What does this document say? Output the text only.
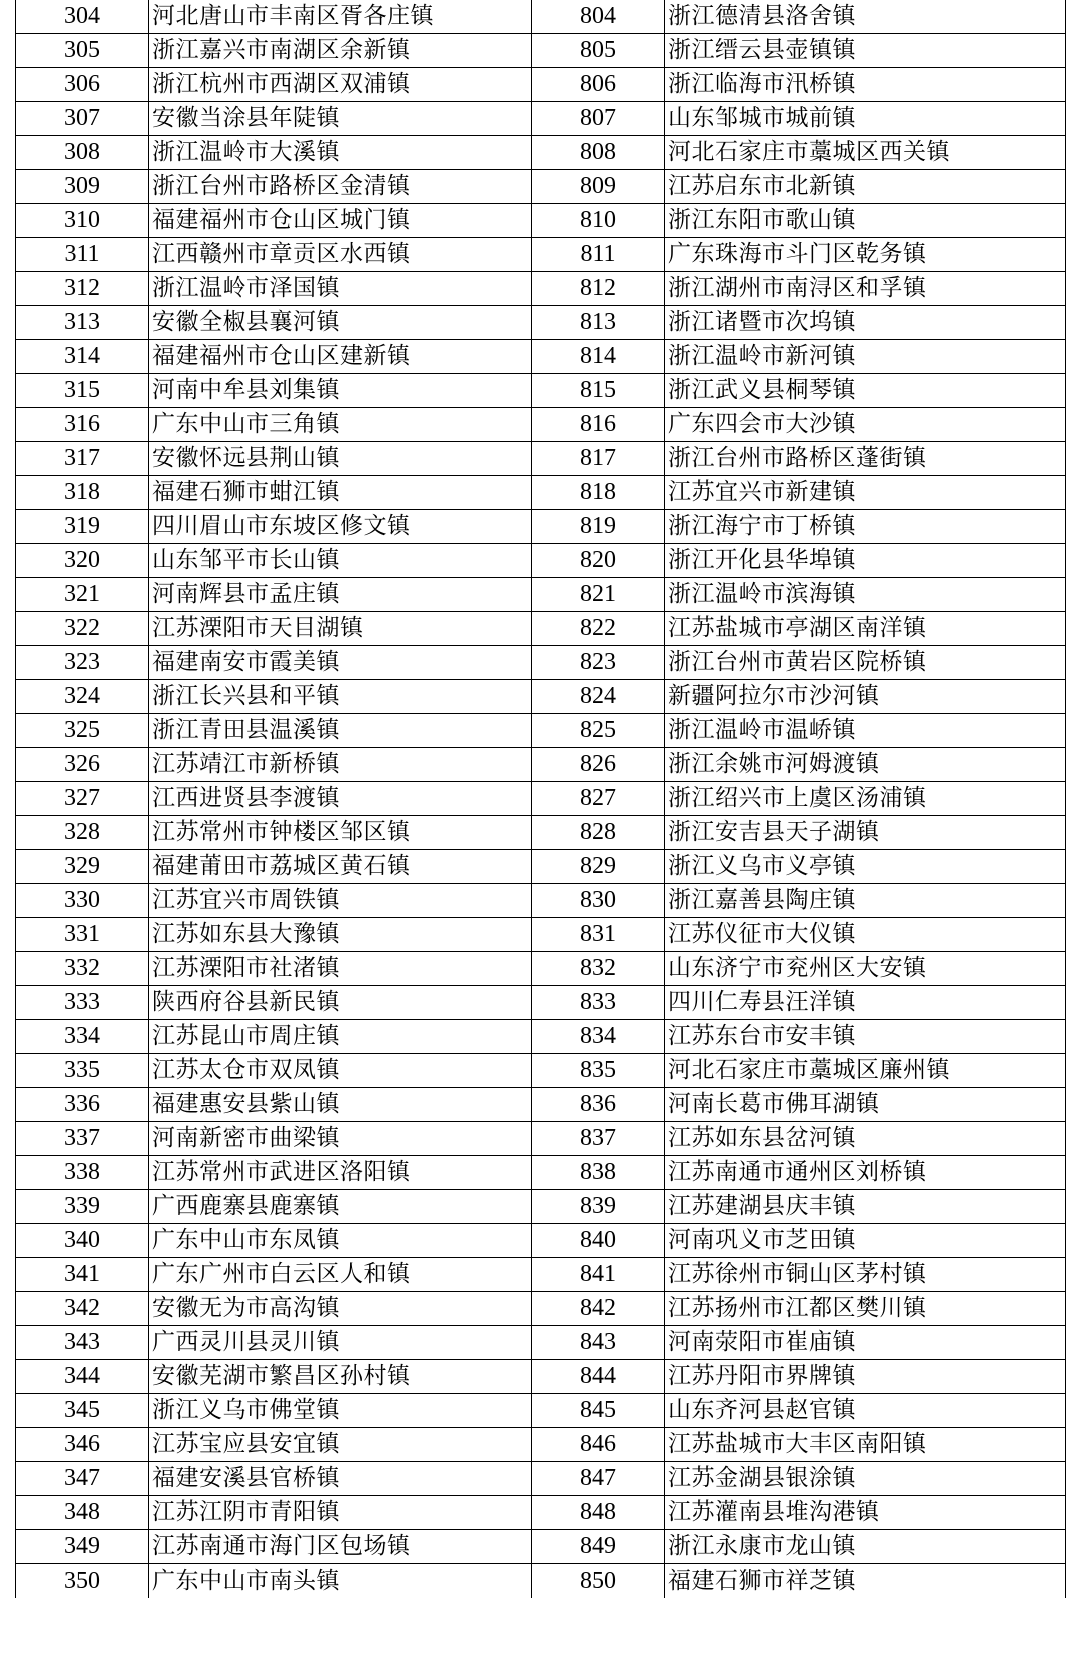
304	河北唐山市丰南区胥各庄镇	804	浙江德清县洛舍镇
305	浙江嘉兴市南湖区余新镇	805	浙江缙云县壶镇镇
306	浙江杭州市西湖区双浦镇	806	浙江临海市汛桥镇
307	安徽当涂县年陡镇	807	山东邹城市城前镇
308	浙江温岭市大溪镇	808	河北石家庄市藁城区西关镇
309	浙江台州市路桥区金清镇	809	江苏启东市北新镇
310	福建福州市仓山区城门镇	810	浙江东阳市歌山镇
311	江西赣州市章贡区水西镇	811	广东珠海市斗门区乾务镇
312	浙江温岭市泽国镇	812	浙江湖州市南浔区和孚镇
313	安徽全椒县襄河镇	813	浙江诸暨市次坞镇
314	福建福州市仓山区建新镇	814	浙江温岭市新河镇
315	河南中牟县刘集镇	815	浙江武义县桐琴镇
316	广东中山市三角镇	816	广东四会市大沙镇
317	安徽怀远县荆山镇	817	浙江台州市路桥区蓬街镇
318	福建石狮市蚶江镇	818	江苏宜兴市新建镇
319	四川眉山市东坡区修文镇	819	浙江海宁市丁桥镇
320	山东邹平市长山镇	820	浙江开化县华埠镇
321	河南辉县市孟庄镇	821	浙江温岭市滨海镇
322	江苏溧阳市天目湖镇	822	江苏盐城市亭湖区南洋镇
323	福建南安市霞美镇	823	浙江台州市黄岩区院桥镇
324	浙江长兴县和平镇	824	新疆阿拉尔市沙河镇
325	浙江青田县温溪镇	825	浙江温岭市温峤镇
326	江苏靖江市新桥镇	826	浙江余姚市河姆渡镇
327	江西进贤县李渡镇	827	浙江绍兴市上虞区汤浦镇
328	江苏常州市钟楼区邹区镇	828	浙江安吉县天子湖镇
329	福建莆田市荔城区黄石镇	829	浙江义乌市义亭镇
330	江苏宜兴市周铁镇	830	浙江嘉善县陶庄镇
331	江苏如东县大豫镇	831	江苏仪征市大仪镇
332	江苏溧阳市社渚镇	832	山东济宁市兖州区大安镇
333	陕西府谷县新民镇	833	四川仁寿县汪洋镇
334	江苏昆山市周庄镇	834	江苏东台市安丰镇
335	江苏太仓市双凤镇	835	河北石家庄市藁城区廉州镇
336	福建惠安县紫山镇	836	河南长葛市佛耳湖镇
337	河南新密市曲梁镇	837	江苏如东县岔河镇
338	江苏常州市武进区洛阳镇	838	江苏南通市通州区刘桥镇
339	广西鹿寨县鹿寨镇	839	江苏建湖县庆丰镇
340	广东中山市东凤镇	840	河南巩义市芝田镇
341	广东广州市白云区人和镇	841	江苏徐州市铜山区茅村镇
342	安徽无为市高沟镇	842	江苏扬州市江都区樊川镇
343	广西灵川县灵川镇	843	河南荥阳市崔庙镇
344	安徽芜湖市繁昌区孙村镇	844	江苏丹阳市界牌镇
345	浙江义乌市佛堂镇	845	山东齐河县赵官镇
346	江苏宝应县安宜镇	846	江苏盐城市大丰区南阳镇
347	福建安溪县官桥镇	847	江苏金湖县银涂镇
348	江苏江阴市青阳镇	848	江苏灌南县堆沟港镇
349	江苏南通市海门区包场镇	849	浙江永康市龙山镇
350	广东中山市南头镇	850	福建石狮市祥芝镇
